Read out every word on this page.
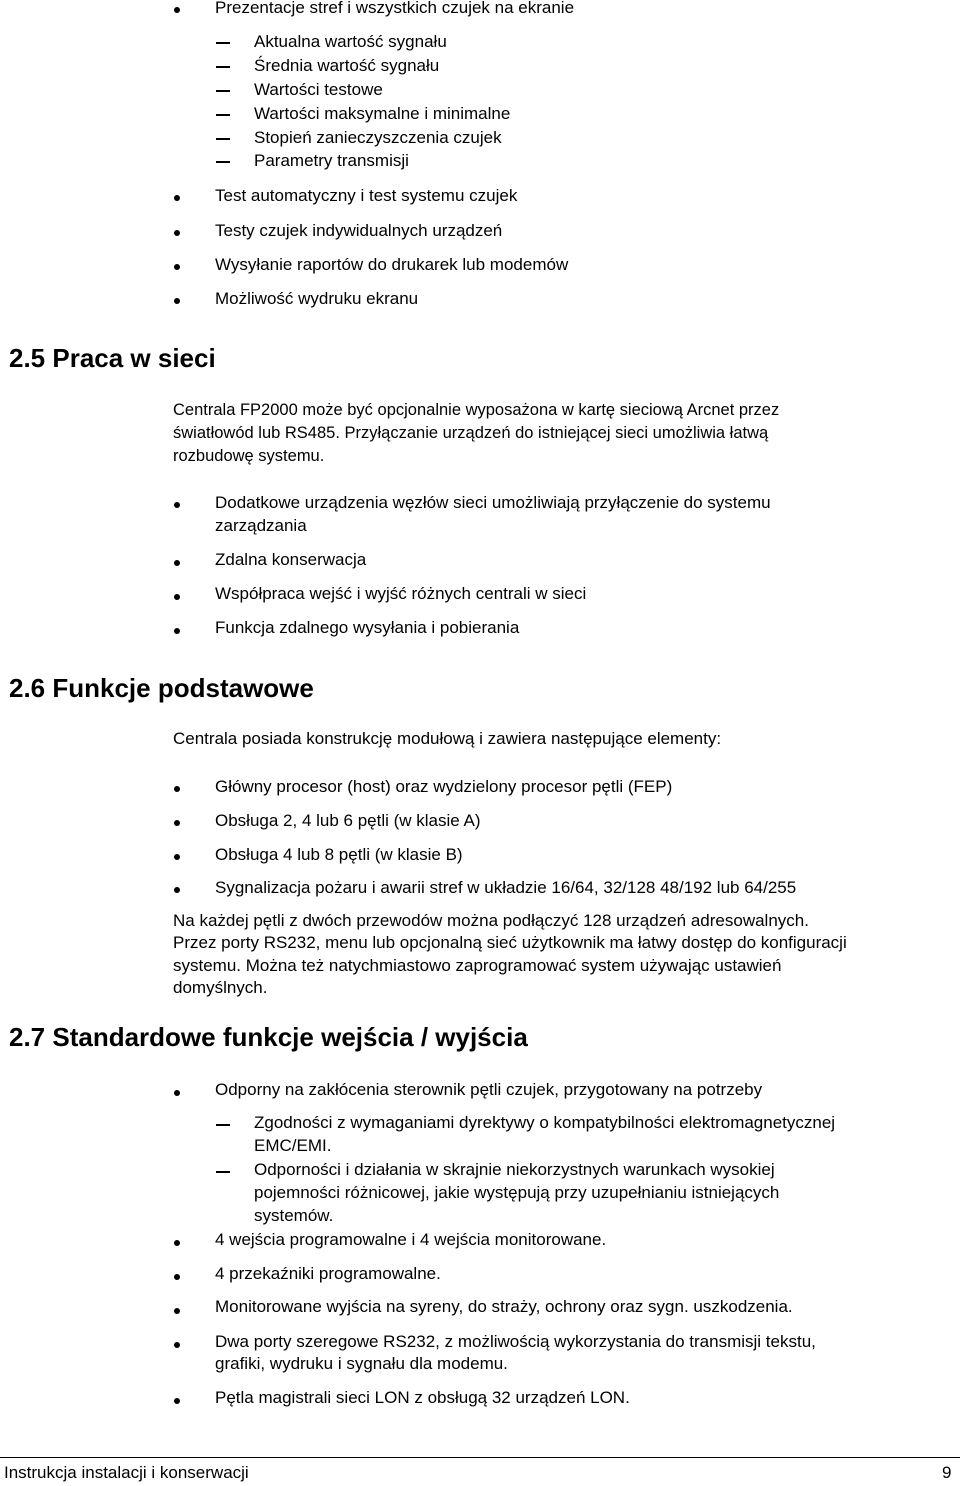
Prezentacje stref i wszystkich czujek na ekranie
Aktualna wartość sygnału
Średnia wartość sygnału
Wartości testowe
Wartości maksymalne i minimalne
Stopień zanieczyszczenia czujek
Parametry transmisji
Test automatyczny i test systemu czujek
Testy czujek indywidualnych urządzeń
Wysyłanie raportów do drukarek lub modemów
Możliwość wydruku ekranu
2.5 Praca w sieci
Centrala FP2000 może być opcjonalnie wyposażona w kartę sieciową Arcnet przez
światłowód lub RS485. Przyłączanie urządzeń do istniejącej sieci umożliwia łatwą
rozbudowę systemu.
Dodatkowe urządzenia węzłów sieci umożliwiają przyłączenie do systemu
zarządzania
Zdalna konserwacja
Współpraca wejść i wyjść różnych centrali w sieci
Funkcja zdalnego wysyłania i pobierania
2.6 Funkcje podstawowe
Centrala posiada konstrukcję modułową i zawiera następujące elementy:
Główny procesor (host) oraz wydzielony procesor pętli (FEP)
Obsługa 2, 4 lub 6 pętli (w klasie A)
Obsługa 4 lub 8 pętli (w klasie B)
Sygnalizacja pożaru i awarii stref w układzie 16/64, 32/128 48/192 lub 64/255
Na każdej pętli z dwóch przewodów można podłączyć 128 urządzeń adresowalnych.
Przez porty RS232, menu lub opcjonalną sieć użytkownik ma łatwy dostęp do konfiguracji
systemu. Można też natychmiastowo zaprogramować system używając ustawień
domyślnych.
2.7 Standardowe funkcje wejścia / wyjścia
Odporny na zakłócenia sterownik pętli czujek, przygotowany na potrzeby
Zgodności z wymaganiami dyrektywy o kompatybilności elektromagnetycznej
EMC/EMI.
Odporności i działania w skrajnie niekorzystnych warunkach wysokiej
pojemności różnicowej, jakie występują przy uzupełnianiu istniejących
systemów.
4 wejścia programowalne i 4 wejścia monitorowane.
4 przekaźniki programowalne.
Monitorowane wyjścia na syreny, do straży, ochrony oraz sygn. uszkodzenia.
Dwa porty szeregowe RS232, z możliwością wykorzystania do transmisji tekstu,
grafiki, wydruku i sygnału dla modemu.
Pętla magistrali sieci LON z obsługą 32 urządzeń LON.
Instrukcja instalacji i konserwacji	9
